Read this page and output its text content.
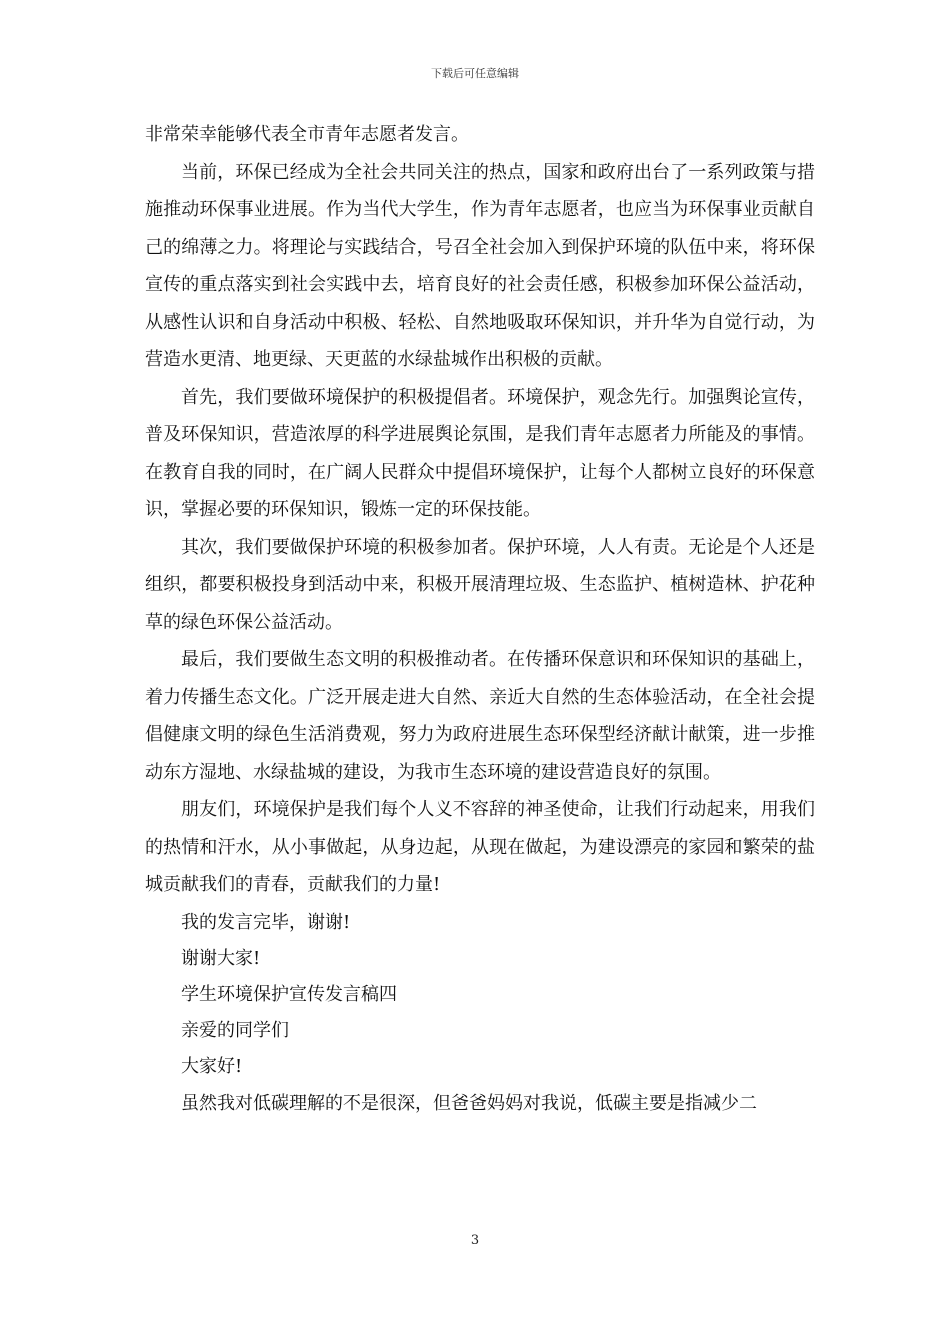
下载后可任意编辑

非常荣幸能够代表全市青年志愿者发言。

当前，环保已经成为全社会共同关注的热点，国家和政府出台了一系列政策与措施推动环保事业进展。作为当代大学生，作为青年志愿者，也应当为环保事业贡献自己的绵薄之力。将理论与实践结合，号召全社会加入到保护环境的队伍中来，将环保宣传的重点落实到社会实践中去，培育良好的社会责任感，积极参加环保公益活动，从感性认识和自身活动中积极、轻松、自然地吸取环保知识，并升华为自觉行动，为营造水更清、地更绿、天更蓝的水绿盐城作出积极的贡献。

首先，我们要做环境保护的积极提倡者。环境保护，观念先行。加强舆论宣传，普及环保知识，营造浓厚的科学进展舆论氛围，是我们青年志愿者力所能及的事情。在教育自我的同时，在广阔人民群众中提倡环境保护，让每个人都树立良好的环保意识，掌握必要的环保知识，锻炼一定的环保技能。

其次，我们要做保护环境的积极参加者。保护环境，人人有责。无论是个人还是组织，都要积极投身到活动中来，积极开展清理垃圾、生态监护、植树造林、护花种草的绿色环保公益活动。

最后，我们要做生态文明的积极推动者。在传播环保意识和环保知识的基础上，着力传播生态文化。广泛开展走进大自然、亲近大自然的生态体验活动，在全社会提倡健康文明的绿色生活消费观，努力为政府进展生态环保型经济献计献策，进一步推动东方湿地、水绿盐城的建设，为我市生态环境的建设营造良好的氛围。

朋友们，环境保护是我们每个人义不容辞的神圣使命，让我们行动起来，用我们的热情和汗水，从小事做起，从身边起，从现在做起，为建设漂亮的家园和繁荣的盐城贡献我们的青春，贡献我们的力量!

我的发言完毕，谢谢!

谢谢大家!

学生环境保护宣传发言稿四

亲爱的同学们

大家好!

虽然我对低碳理解的不是很深，但爸爸妈妈对我说，低碳主要是指减少二

3
